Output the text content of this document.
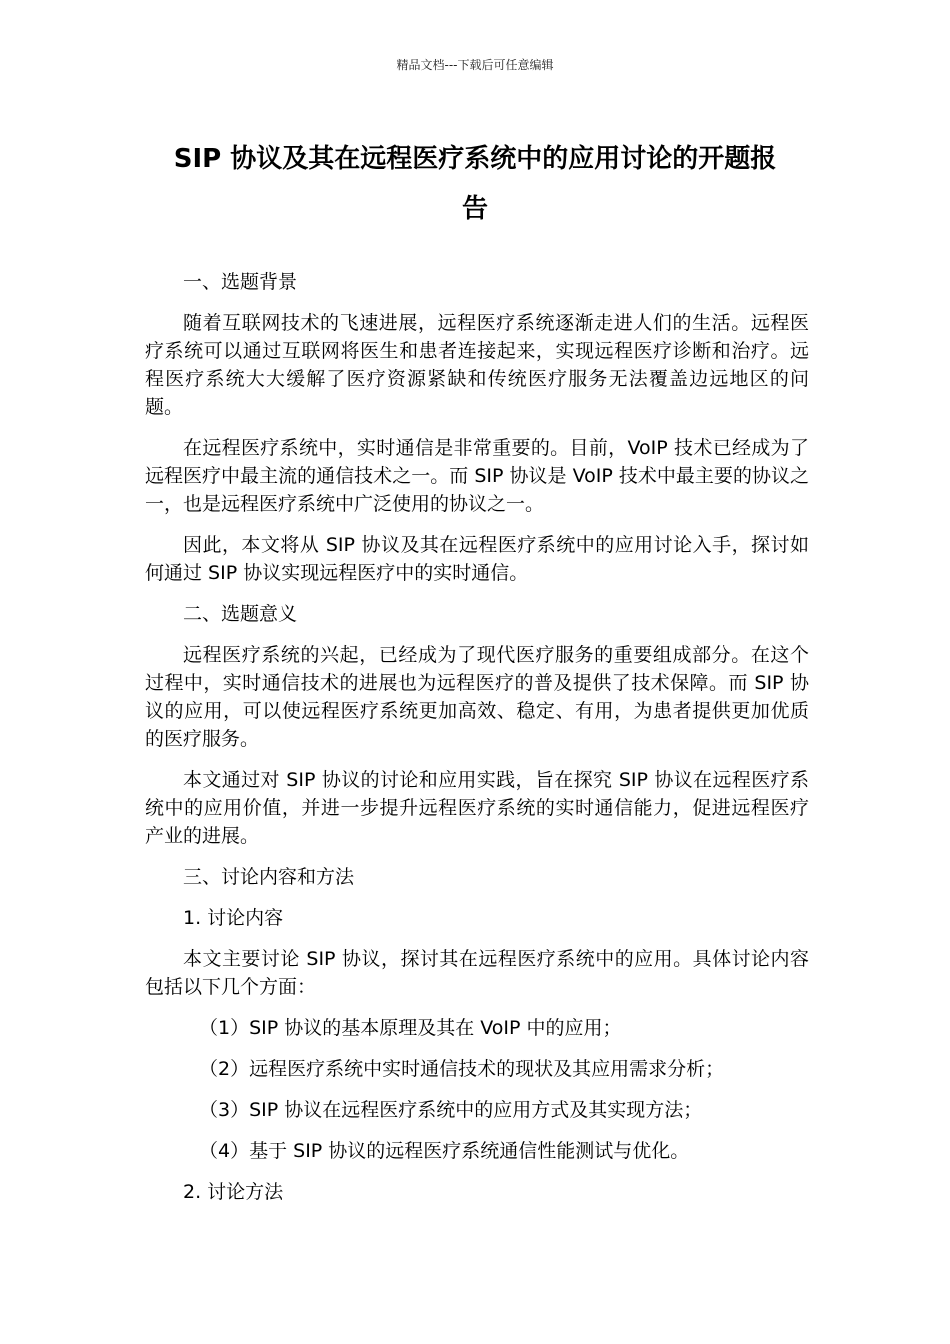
精品文档---下载后可任意编辑
SIP 协议及其在远程医疗系统中的应用讨论的开题报
告
一、选题背景
随着互联网技术的飞速进展，远程医疗系统逐渐走进人们的生活。远程医疗系统可以通过互联网将医生和患者连接起来，实现远程医疗诊断和治疗。远程医疗系统大大缓解了医疗资源紧缺和传统医疗服务无法覆盖边远地区的问题。
在远程医疗系统中，实时通信是非常重要的。目前，VoIP 技术已经成为了远程医疗中最主流的通信技术之一。而 SIP 协议是 VoIP 技术中最主要的协议之一，也是远程医疗系统中广泛使用的协议之一。
因此，本文将从 SIP 协议及其在远程医疗系统中的应用讨论入手，探讨如何通过 SIP 协议实现远程医疗中的实时通信。
二、选题意义
远程医疗系统的兴起，已经成为了现代医疗服务的重要组成部分。在这个过程中，实时通信技术的进展也为远程医疗的普及提供了技术保障。而 SIP 协议的应用，可以使远程医疗系统更加高效、稳定、有用，为患者提供更加优质的医疗服务。
本文通过对 SIP 协议的讨论和应用实践，旨在探究 SIP 协议在远程医疗系统中的应用价值，并进一步提升远程医疗系统的实时通信能力，促进远程医疗产业的进展。
三、讨论内容和方法
1. 讨论内容
本文主要讨论 SIP 协议，探讨其在远程医疗系统中的应用。具体讨论内容包括以下几个方面：
（1）SIP 协议的基本原理及其在 VoIP 中的应用；
（2）远程医疗系统中实时通信技术的现状及其应用需求分析；
（3）SIP 协议在远程医疗系统中的应用方式及其实现方法；
（4）基于 SIP 协议的远程医疗系统通信性能测试与优化。
2. 讨论方法
